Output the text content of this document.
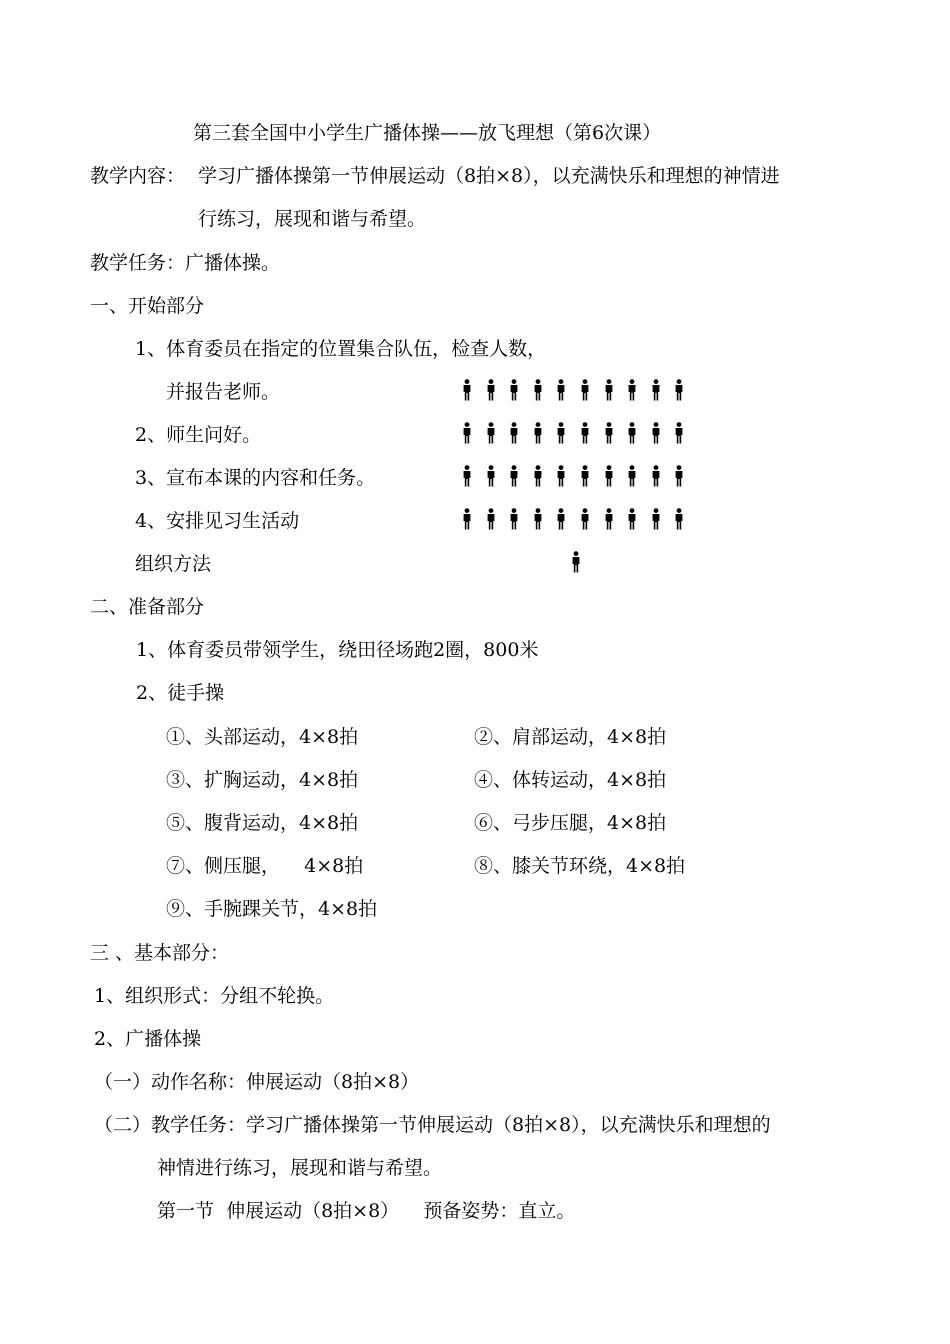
第三套全国中小学生广播体操——放飞理想（第6次课）
教学内容： 学习广播体操第一节伸展运动（8拍×8），以充满快乐和理想的神情进
行练习，展现和谐与希望。
教学任务：广播体操。
一、开始部分
1、体育委员在指定的位置集合队伍，检查人数，
并报告老师。
2、师生问好。
3、宣布本课的内容和任务。
4、安排见习生活动
组织方法
二、准备部分
1、体育委员带领学生，绕田径场跑2圈，800米
2、徒手操
①、头部运动，4×8拍	②、肩部运动，4×8拍
③、扩胸运动，4×8拍	④、体转运动，4×8拍
⑤、腹背运动，4×8拍	⑥、弓步压腿，4×8拍
⑦、侧压腿，    4×8拍	⑧、膝关节环绕，4×8拍
⑨、手腕踝关节，4×8拍
三 、基本部分：
1、组织形式：分组不轮换。
2、广播体操
（一）动作名称：伸展运动（8拍×8）
（二）教学任务：学习广播体操第一节伸展运动（8拍×8），以充满快乐和理想的
神情进行练习，展现和谐与希望。
第一节  伸展运动（8拍×8）    预备姿势：直立。
